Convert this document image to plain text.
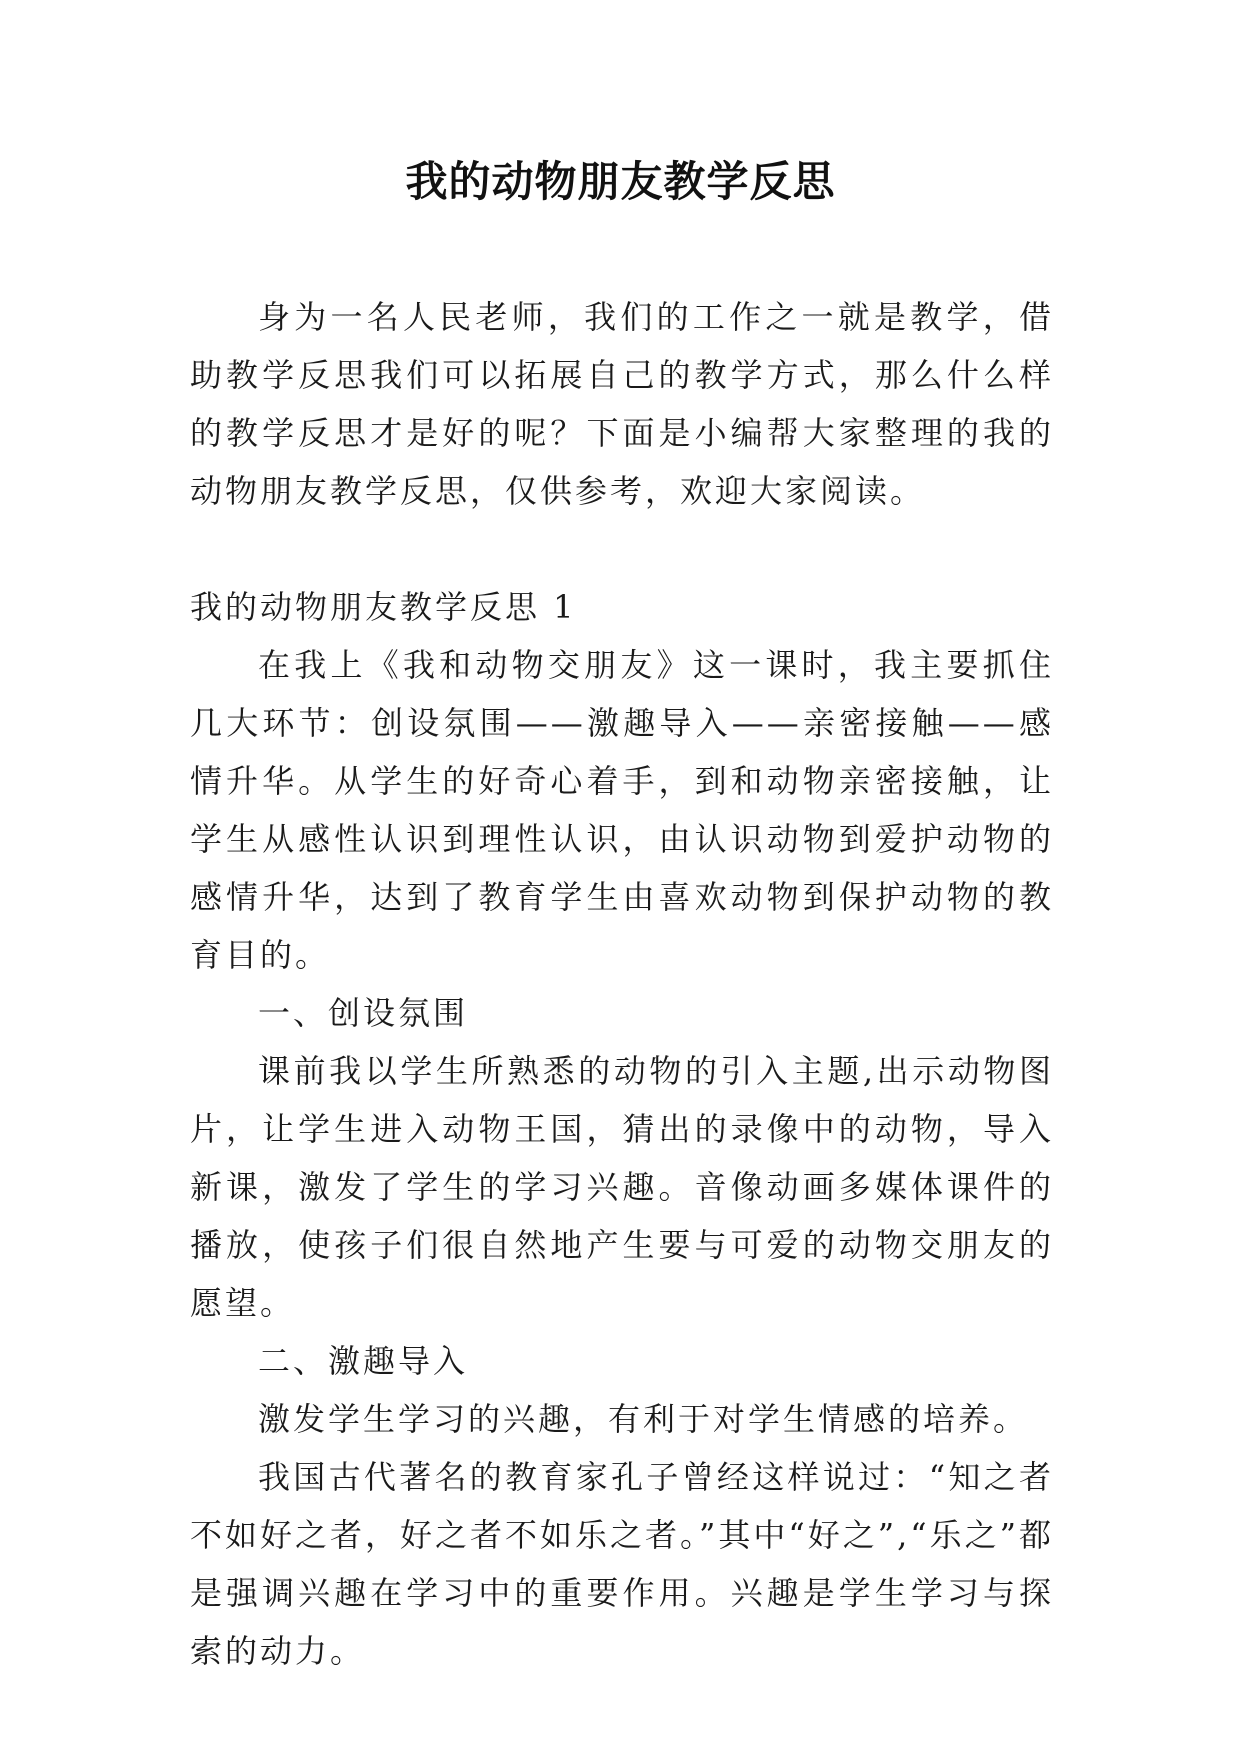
我的动物朋友教学反思

身为一名人民老师，我们的工作之一就是教学，借助教学反思我们可以拓展自己的教学方式，那么什么样的教学反思才是好的呢？下面是小编帮大家整理的我的动物朋友教学反思，仅供参考，欢迎大家阅读。

我的动物朋友教学反思 1

在我上《我和动物交朋友》这一课时，我主要抓住几大环节：创设氛围——激趣导入——亲密接触——感情升华。从学生的好奇心着手，到和动物亲密接触，让学生从感性认识到理性认识，由认识动物到爱护动物的感情升华，达到了教育学生由喜欢动物到保护动物的教育目的。

一、创设氛围

课前我以学生所熟悉的动物的引入主题,出示动物图片，让学生进入动物王国，猜出的录像中的动物，导入新课，激发了学生的学习兴趣。音像动画多媒体课件的播放，使孩子们很自然地产生要与可爱的动物交朋友的愿望。

二、激趣导入

激发学生学习的兴趣，有利于对学生情感的培养。

我国古代著名的教育家孔子曾经这样说过：“知之者不如好之者，好之者不如乐之者。”其中“好之”,“乐之”都是强调兴趣在学习中的重要作用。兴趣是学生学习与探索的动力。
